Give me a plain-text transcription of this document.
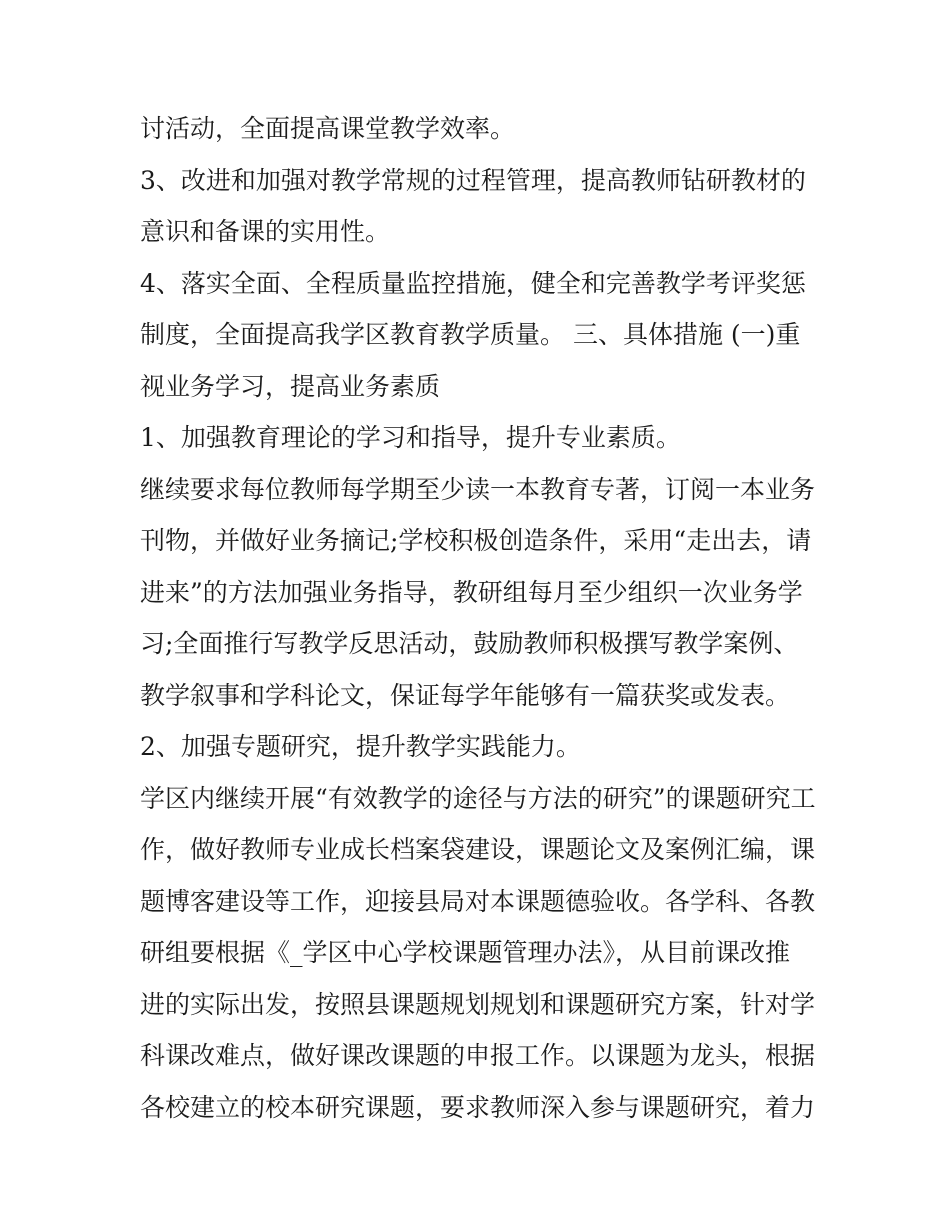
讨活动，全面提高课堂教学效率。
3、改进和加强对教学常规的过程管理，提高教师钻研教材的
意识和备课的实用性。
4、落实全面、全程质量监控措施，健全和完善教学考评奖惩
制度，全面提高我学区教育教学质量。 三、具体措施 (一)重
视业务学习，提高业务素质
1、加强教育理论的学习和指导，提升专业素质。
继续要求每位教师每学期至少读一本教育专著，订阅一本业务
刊物，并做好业务摘记;学校积极创造条件，采用“走出去，请
进来”的方法加强业务指导，教研组每月至少组织一次业务学
习;全面推行写教学反思活动，鼓励教师积极撰写教学案例、
教学叙事和学科论文，保证每学年能够有一篇获奖或发表。
2、加强专题研究，提升教学实践能力。
学区内继续开展“有效教学的途径与方法的研究”的课题研究工
作，做好教师专业成长档案袋建设，课题论文及案例汇编，课
题博客建设等工作，迎接县局对本课题德验收。各学科、各教
研组要根据《_学区中心学校课题管理办法》，从目前课改推
进的实际出发，按照县课题规划规划和课题研究方案，针对学
科课改难点，做好课改课题的申报工作。以课题为龙头，根据
各校建立的校本研究课题，要求教师深入参与课题研究，着力
